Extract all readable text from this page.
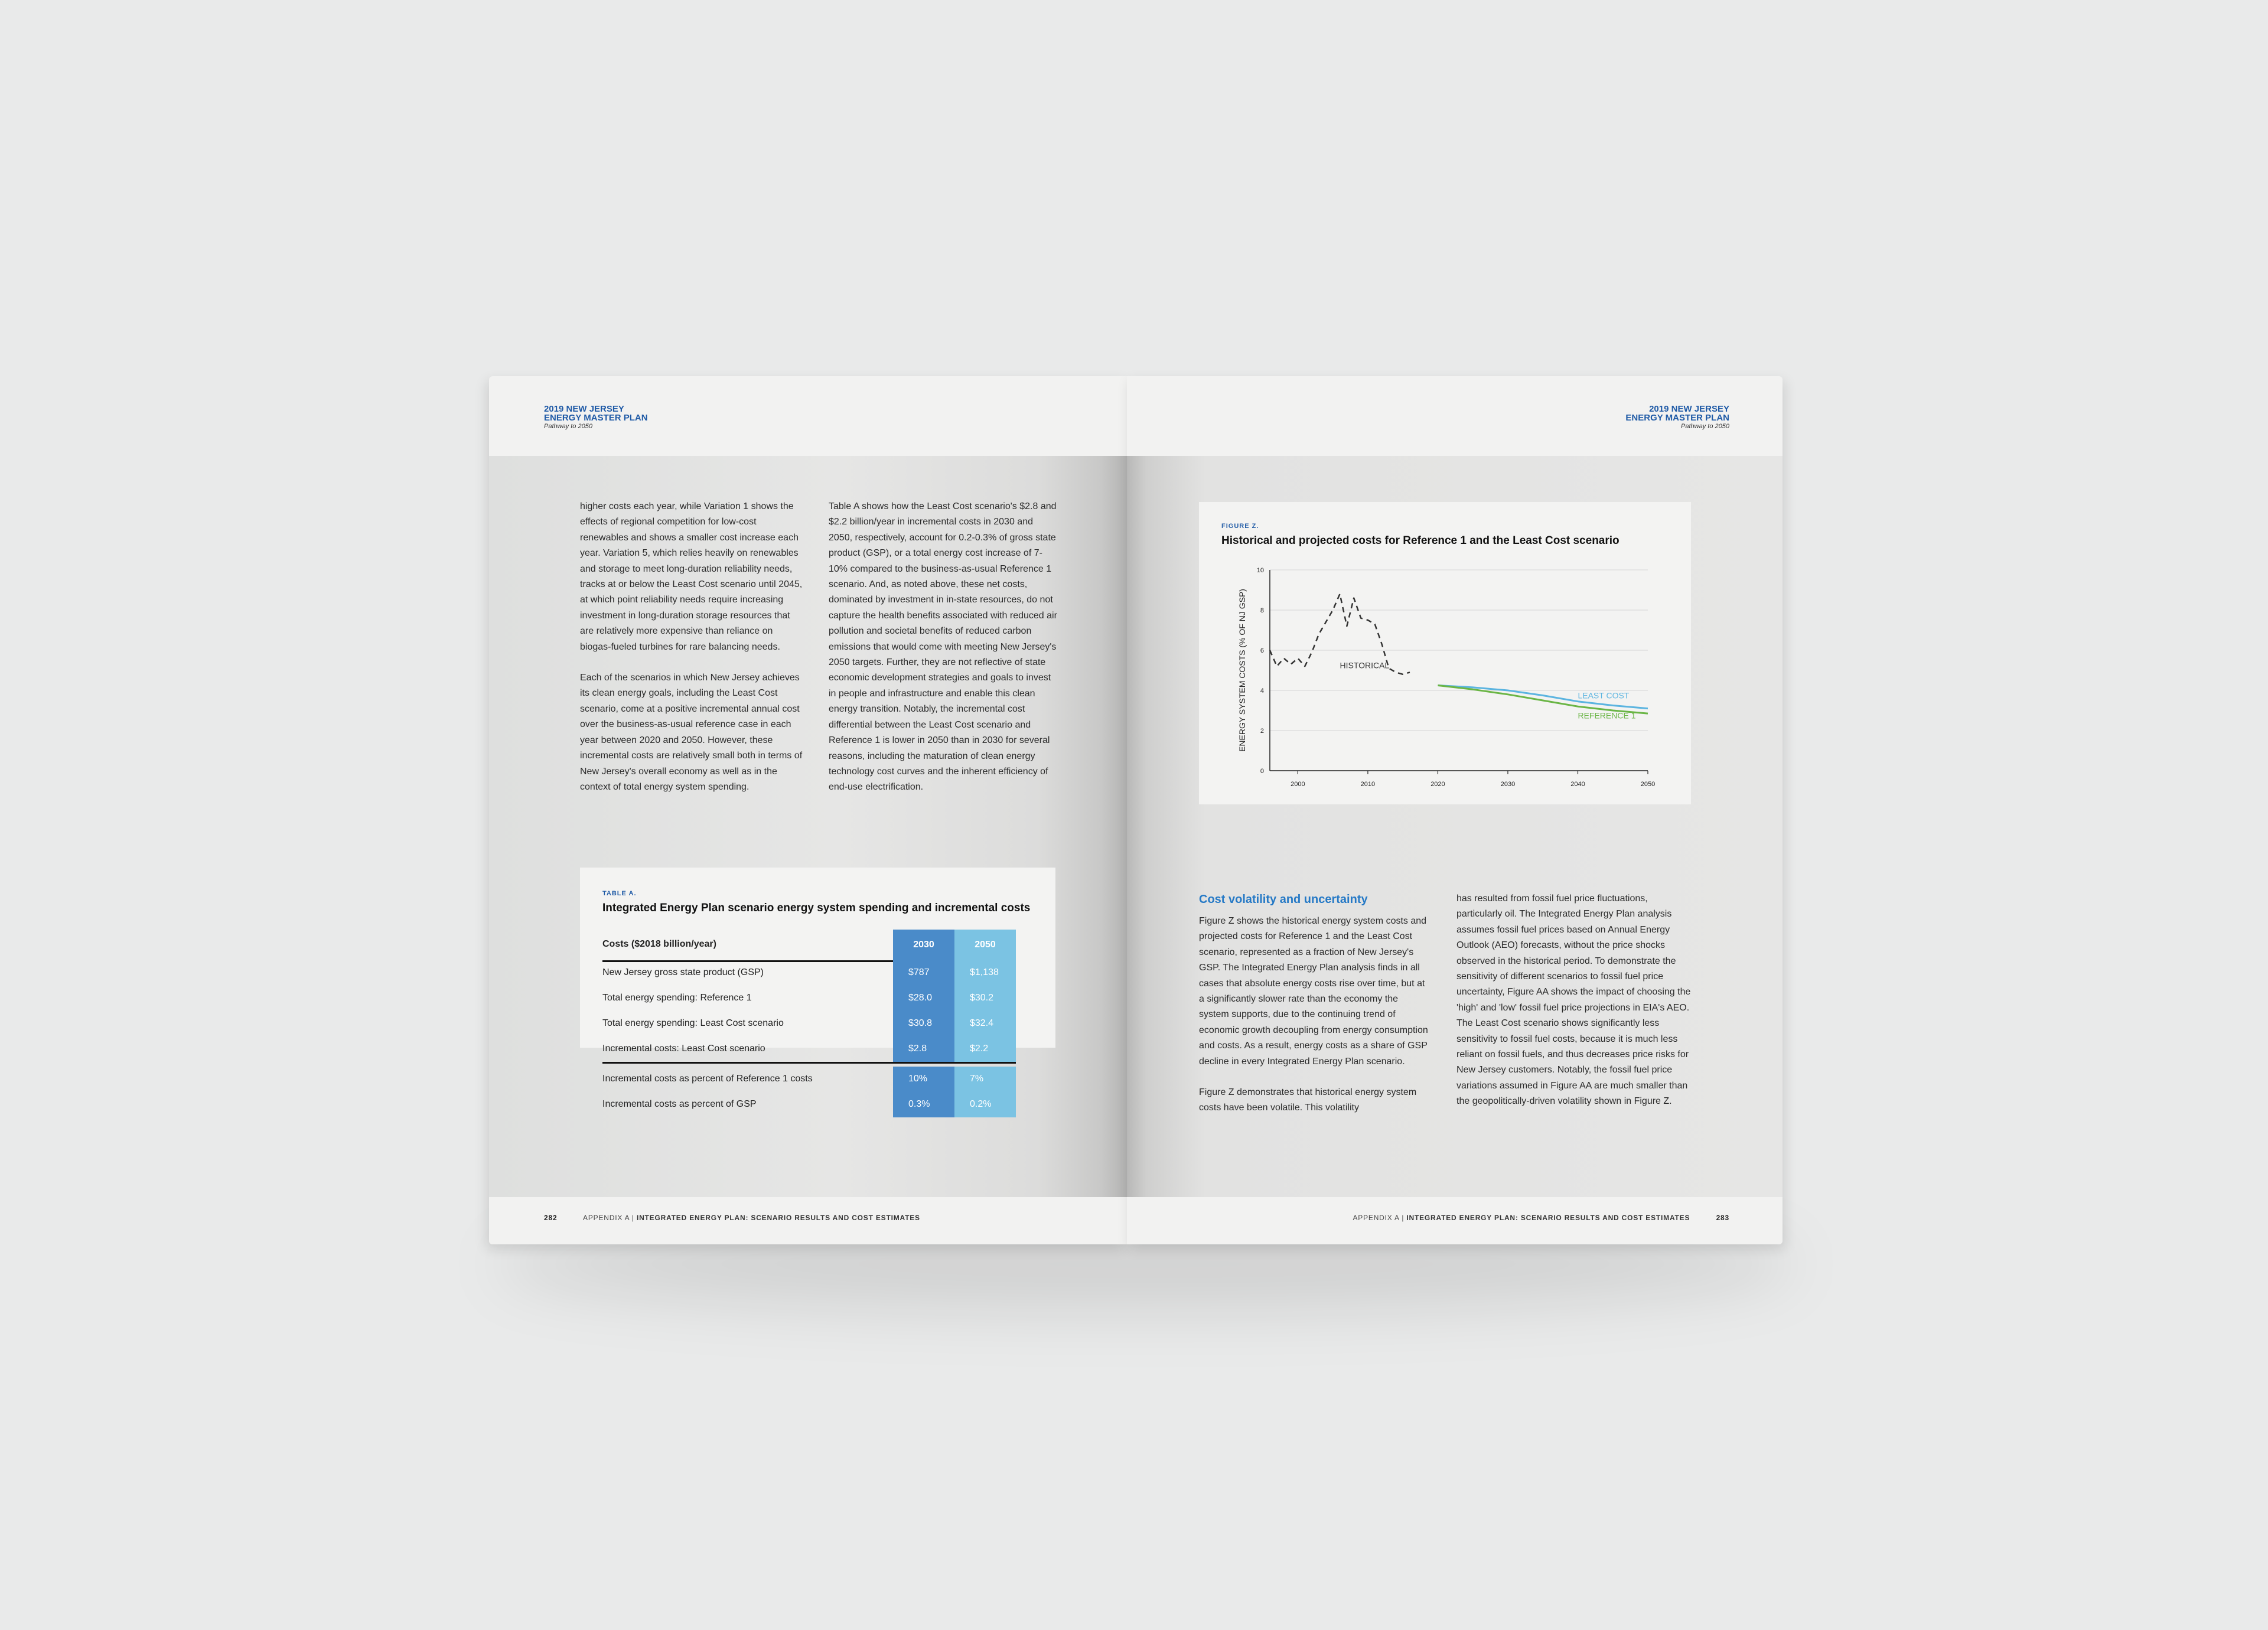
2019 NEW JERSEY
ENERGY MASTER PLAN
Pathway to 2050

higher costs each year, while Variation 1 shows the effects of regional competition for low-cost renewables and shows a smaller cost increase each year. Variation 5, which relies heavily on renewables and storage to meet long-duration reliability needs, tracks at or below the Least Cost scenario until 2045, at which point reliability needs require increasing investment in long-duration storage resources that are relatively more expensive than reliance on biogas-fueled turbines for rare balancing needs.

Each of the scenarios in which New Jersey achieves its clean energy goals, including the Least Cost scenario, come at a positive incremental annual cost over the business-as-usual reference case in each year between 2020 and 2050. However, these incremental costs are relatively small both in terms of New Jersey's overall economy as well as in the context of total energy system spending.

Table A shows how the Least Cost scenario's $2.8 and $2.2 billion/year in incremental costs in 2030 and 2050, respectively, account for 0.2-0.3% of gross state product (GSP), or a total energy cost increase of 7-10% compared to the business-as-usual Reference 1 scenario. And, as noted above, these net costs, dominated by investment in in-state resources, do not capture the health benefits associated with reduced air pollution and societal benefits of reduced carbon emissions that would come with meeting New Jersey's 2050 targets. Further, they are not reflective of state economic development strategies and goals to invest in people and infrastructure and enable this clean energy transition. Notably, the incremental cost differential between the Least Cost scenario and Reference 1 is lower in 2050 than in 2030 for several reasons, including the maturation of clean energy technology cost curves and the inherent efficiency of end-use electrification.

TABLE A.
Integrated Energy Plan scenario energy system spending and incremental costs
Costs ($2018 billion/year)	2030	2050
New Jersey gross state product (GSP)	$787	$1,138
Total energy spending: Reference 1	$28.0	$30.2
Total energy spending: Least Cost scenario	$30.8	$32.4
Incremental costs: Least Cost scenario	$2.8	$2.2
Incremental costs as percent of Reference 1 costs	10%	7%
Incremental costs as percent of GSP	0.3%	0.2%
282	APPENDIX A | INTEGRATED ENERGY PLAN: SCENARIO RESULTS AND COST ESTIMATES
2019 NEW JERSEY
ENERGY MASTER PLAN
Pathway to 2050
FIGURE Z.
Historical and projected costs for Reference 1 and the Least Cost scenario
0
2
4
6
8
10
2000	2010	2020	2030	2040	2050
ENERGY SYSTEM COSTS (% OF NJ GSP)	HISTORICAL
LEAST COST
REFERENCE 1
Cost volatility and uncertainty

Figure Z shows the historical energy system costs and projected costs for Reference 1 and the Least Cost scenario, represented as a fraction of New Jersey's GSP. The Integrated Energy Plan analysis finds in all cases that absolute energy costs rise over time, but at a significantly slower rate than the economy the system supports, due to the continuing trend of economic growth decoupling from energy consumption and costs. As a result, energy costs as a share of GSP decline in every Integrated Energy Plan scenario.

Figure Z demonstrates that historical energy system costs have been volatile. This volatility

has resulted from fossil fuel price fluctuations, particularly oil. The Integrated Energy Plan analysis assumes fossil fuel prices based on Annual Energy Outlook (AEO) forecasts, without the price shocks observed in the historical period. To demonstrate the sensitivity of different scenarios to fossil fuel price uncertainty, Figure AA shows the impact of choosing the 'high' and 'low' fossil fuel price projections in EIA's AEO. The Least Cost scenario shows significantly less sensitivity to fossil fuel costs, because it is much less reliant on fossil fuels, and thus decreases price risks for New Jersey customers. Notably, the fossil fuel price variations assumed in Figure AA are much smaller than the geopolitically-driven volatility shown in Figure Z.

APPENDIX A | INTEGRATED ENERGY PLAN: SCENARIO RESULTS AND COST ESTIMATES	283
